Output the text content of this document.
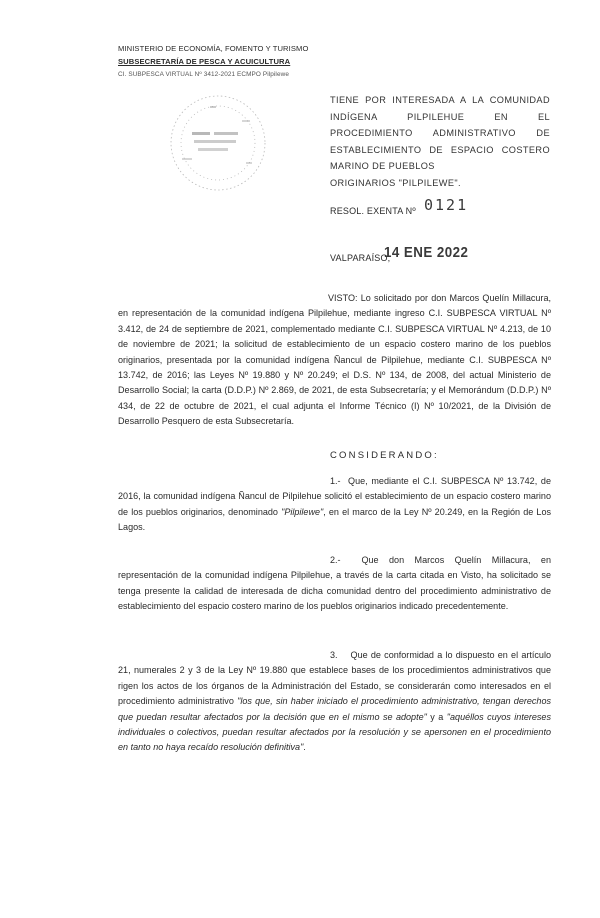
MINISTERIO DE ECONOMÍA, FOMENTO Y TURISMO
SUBSECRETARÍA DE PESCA Y ACUICULTURA
CI. SUBPESCA VIRTUAL Nº 3412-2021 ECMPO Pilpilewe
TIENE POR INTERESADA A LA COMUNIDAD INDÍGENA PILPILEHUE EN EL PROCEDIMIENTO ADMINISTRATIVO DE ESTABLECIMIENTO DE ESPACIO COSTERO MARINO DE PUEBLOS
ORIGINARIOS "PILPILEWE".
RESOL. EXENTA Nº 0121
VALPARAÍSO,
14 ENE 2022
VISTO: Lo solicitado por don Marcos Quelín Millacura, en representación de la comunidad indígena Pilpilehue, mediante ingreso C.I. SUBPESCA VIRTUAL Nº 3.412, de 24 de septiembre de 2021, complementado mediante C.I. SUBPESCA VIRTUAL Nº 4.213, de 10 de noviembre de 2021; la solicitud de establecimiento de un espacio costero marino de los pueblos originarios, presentada por la comunidad indígena Ñancul de Pilpilehue, mediante C.I. SUBPESCA Nº 13.742, de 2016; las Leyes Nº 19.880 y Nº 20.249; el D.S. Nº 134, de 2008, del actual Ministerio de Desarrollo Social; la carta (D.D.P.) Nº 2.869, de 2021, de esta Subsecretaría; y el Memorándum (D.D.P.) Nº 434, de 22 de octubre de 2021, el cual adjunta el Informe Técnico (I) Nº 10/2021, de la División de Desarrollo Pesquero de esta Subsecretaría.
CONSIDERANDO:
1.- Que, mediante el C.I. SUBPESCA Nº 13.742, de 2016, la comunidad indígena Ñancul de Pilpilehue solicitó el establecimiento de un espacio costero marino de los pueblos originarios, denominado "Pilpilewe", en el marco de la Ley Nº 20.249, en la Región de Los Lagos.
2.- Que don Marcos Quelín Millacura, en representación de la comunidad indígena Pilpilehue, a través de la carta citada en Visto, ha solicitado se tenga presente la calidad de interesada de dicha comunidad dentro del procedimiento administrativo de establecimiento del espacio costero marino de los pueblos originarios indicado precedentemente.
3. Que de conformidad a lo dispuesto en el artículo 21, numerales 2 y 3 de la Ley Nº 19.880 que establece bases de los procedimientos administrativos que rigen los actos de los órganos de la Administración del Estado, se considerarán como interesados en el procedimiento administrativo "los que, sin haber iniciado el procedimiento administrativo, tengan derechos que puedan resultar afectados por la decisión que en el mismo se adopte" y a "aquéllos cuyos intereses individuales o colectivos, puedan resultar afectados por la resolución y se apersonen en el procedimiento en tanto no haya recaído resolución definitiva".
